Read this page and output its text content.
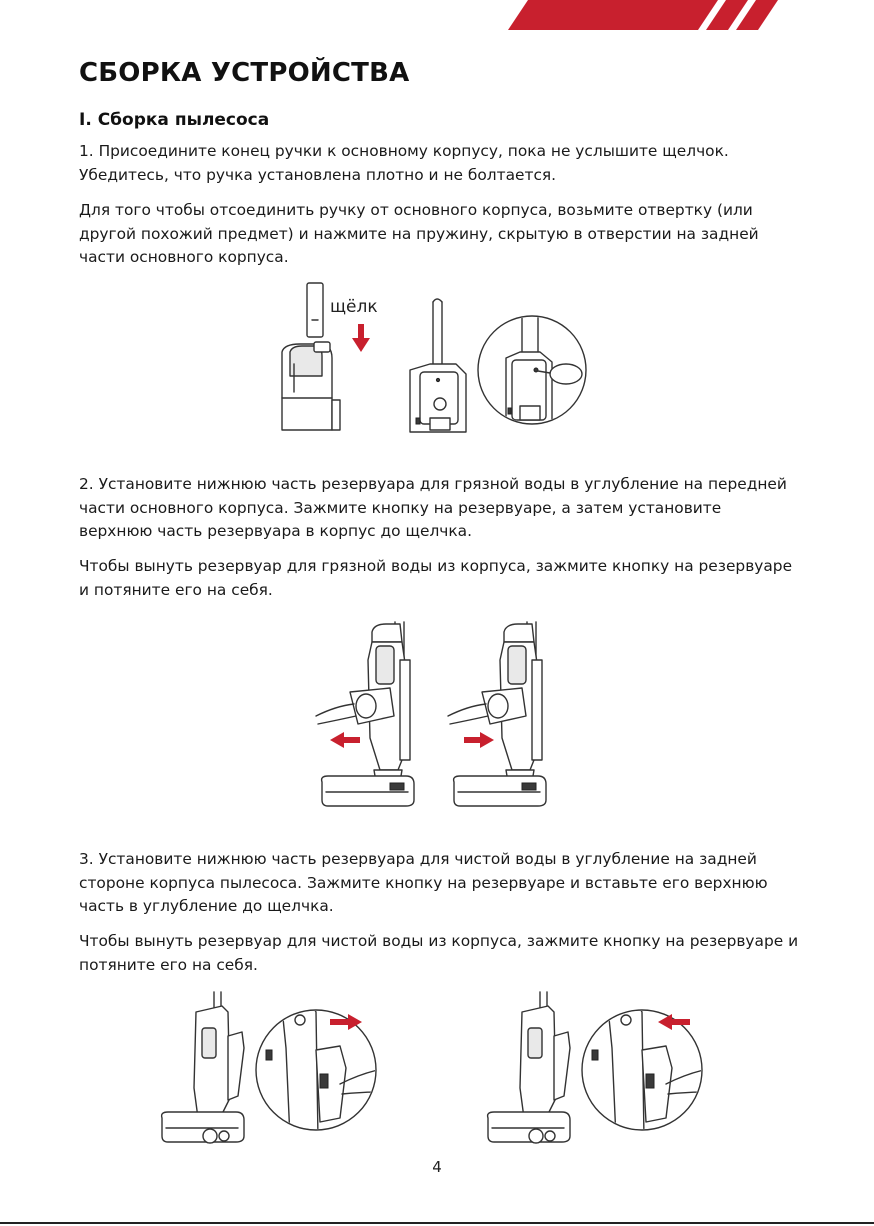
СБОРКА УСТРОЙСТВА
I. Сборка пылесоса

1. Присоедините конец ручки к основному корпусу, пока не услышите щелчок. Убедитесь, что ручка установлена плотно и не болтается.

Для того чтобы отсоединить ручку от основного корпуса, возьмите отвертку (или другой похожий предмет) и нажмите на пружину, скрытую в отверстии на задней части основного корпуса.

щёлк

2. Установите нижнюю часть резервуара для грязной воды в углубление на передней части основного корпуса. Зажмите кнопку на резервуаре, а затем установите верхнюю часть резервуара в корпус до щелчка.

Чтобы вынуть резервуар для грязной воды из корпуса, зажмите кнопку на резервуаре и потяните его на себя.

3. Установите нижнюю часть резервуара для чистой воды в углубление на задней стороне корпуса пылесоса. Зажмите кнопку на резервуаре и вставьте его верхнюю часть в углубление до щелчка.

Чтобы вынуть резервуар для чистой воды из корпуса, зажмите кнопку на резервуаре и потяните его на себя.

4
